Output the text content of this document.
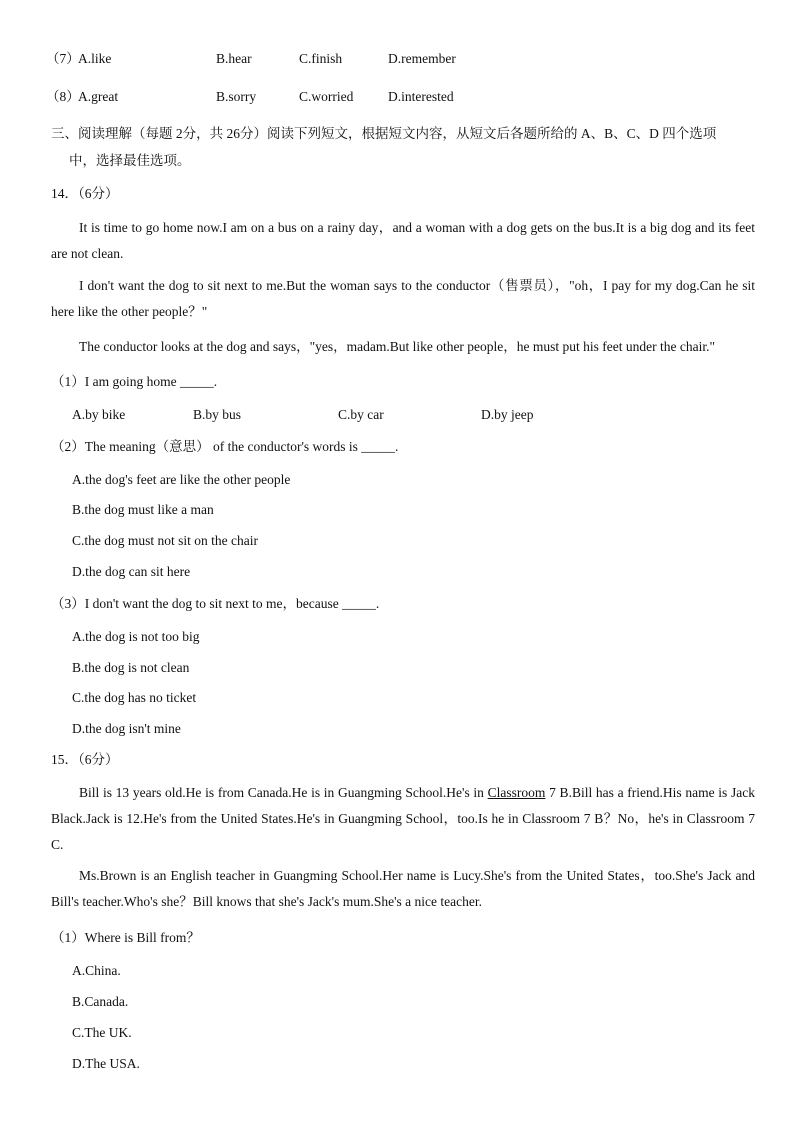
（7）
A.like	B.hear	C.finish	D.remember
（8）
A.great	B.sorry	C.worried	D.interested
三、阅读理解（每题 2分，共 26分）阅读下列短文，根据短文内容，从短文后各题所给的 A、B、C、D 四个选项
中，选择最佳选项。
14．（6分）
It is time to go home now.I am on a bus on a rainy day，and a woman with a dog gets on the bus.It is a big dog and its feet are not clean.
I don't want the dog to sit next to me.But the woman says to the conductor（售票员），"oh，I pay for my dog.Can he sit here like the other people？"
The conductor looks at the dog and says，"yes，madam.But like other people，he must put his feet under the chair."
（1）I am going home _____.
A.by bike	B.by bus	C.by car	D.by jeep
（2）The meaning（意思） of the conductor's words is _____.
A.the dog's feet are like the other people
B.the dog must like a man
C.the dog must not sit on the chair
D.the dog can sit here
（3）I don't want the dog to sit next to me，because _____.
A.the dog is not too big
B.the dog is not clean
C.the dog has no ticket
D.the dog isn't mine
15．（6分）
Bill is 13 years old.He is from Canada.He is in Guangming School.He's in Classroom 7 B.Bill has a friend.His name is Jack Black.Jack is 12.He's from the United States.He's in Guangming School，too.Is he in Classroom 7 B？No，he's in Classroom 7 C.
Ms.Brown is an English teacher in Guangming School.Her name is Lucy.She's from the United States，too.She's Jack and Bill's teacher.Who's she？Bill knows that she's Jack's mum.She's a nice teacher.
（1）Where is Bill from？
A.China.
B.Canada.
C.The UK.
D.The USA.
